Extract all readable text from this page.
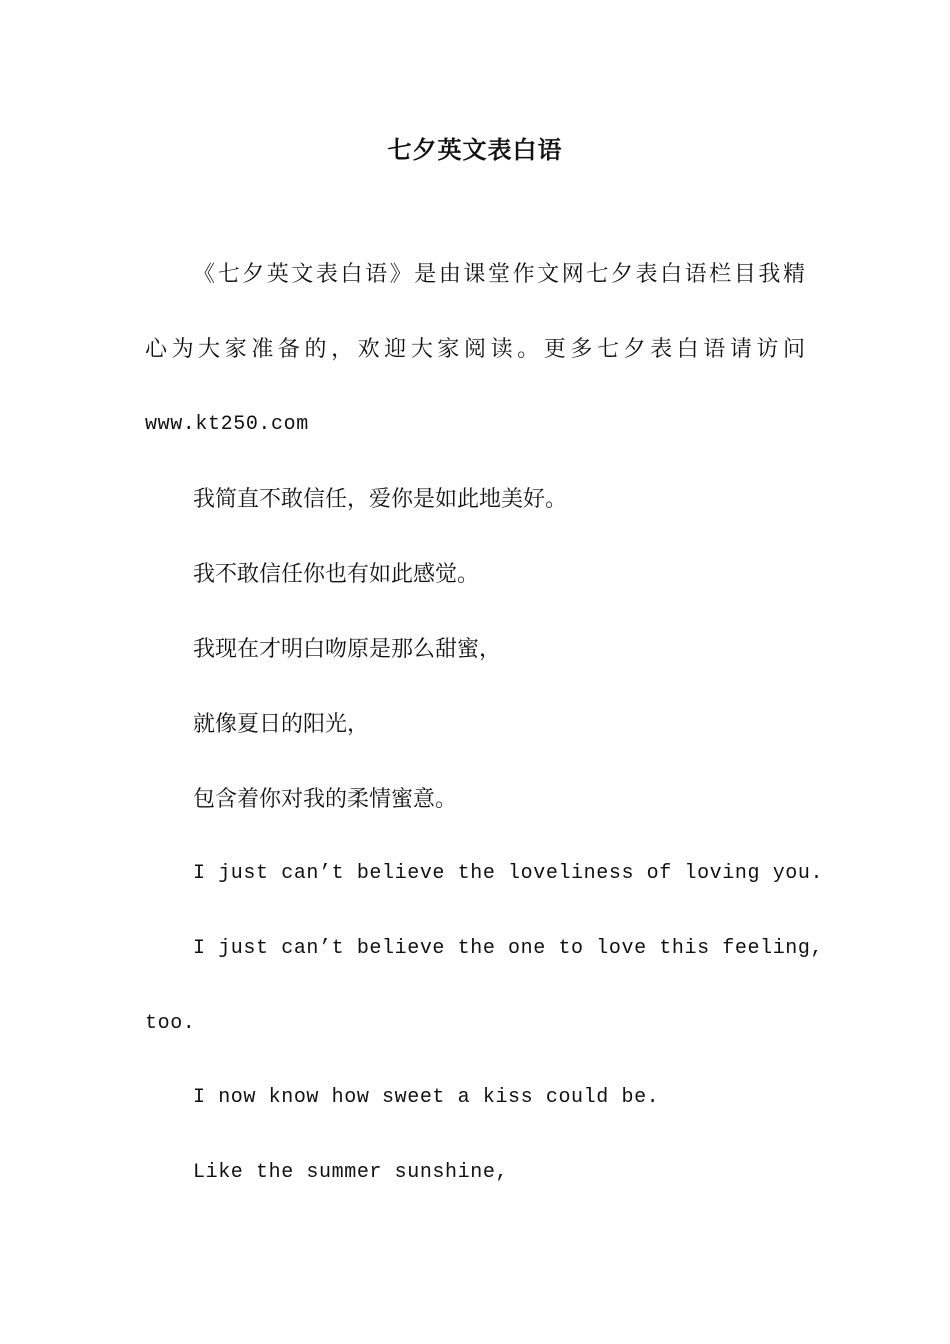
七夕英文表白语

《七夕英文表白语》是由课堂作文网七夕表白语栏目我精

心为大家准备的，欢迎大家阅读。更多七夕表白语请访问

www.kt250.com

我简直不敢信任，爱你是如此地美好。

我不敢信任你也有如此感觉。

我现在才明白吻原是那么甜蜜，

就像夏日的阳光，

包含着你对我的柔情蜜意。

I just can’t believe the loveliness of loving you.

I just can’t believe the one to love this feeling,

too.

I now know how sweet a kiss could be.

Like the summer sunshine,
